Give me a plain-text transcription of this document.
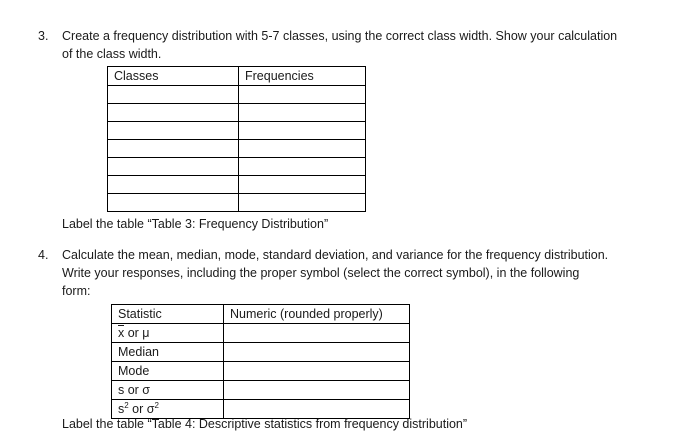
3. Create a frequency distribution with 5-7 classes, using the correct class width. Show your calculation
of the class width.
Classes	Frequencies

Label the table “Table 3: Frequency Distribution”
4. Calculate the mean, median, mode, standard deviation, and variance for the frequency distribution.
Write your responses, including the proper symbol (select the correct symbol), in the following
form:
Statistic	Numeric (rounded properly)
x or μ	
Median	
Mode	
s or σ	
$s^2$ or $\sigma^2$	
Label the table “Table 4: Descriptive statistics from frequency distribution”
